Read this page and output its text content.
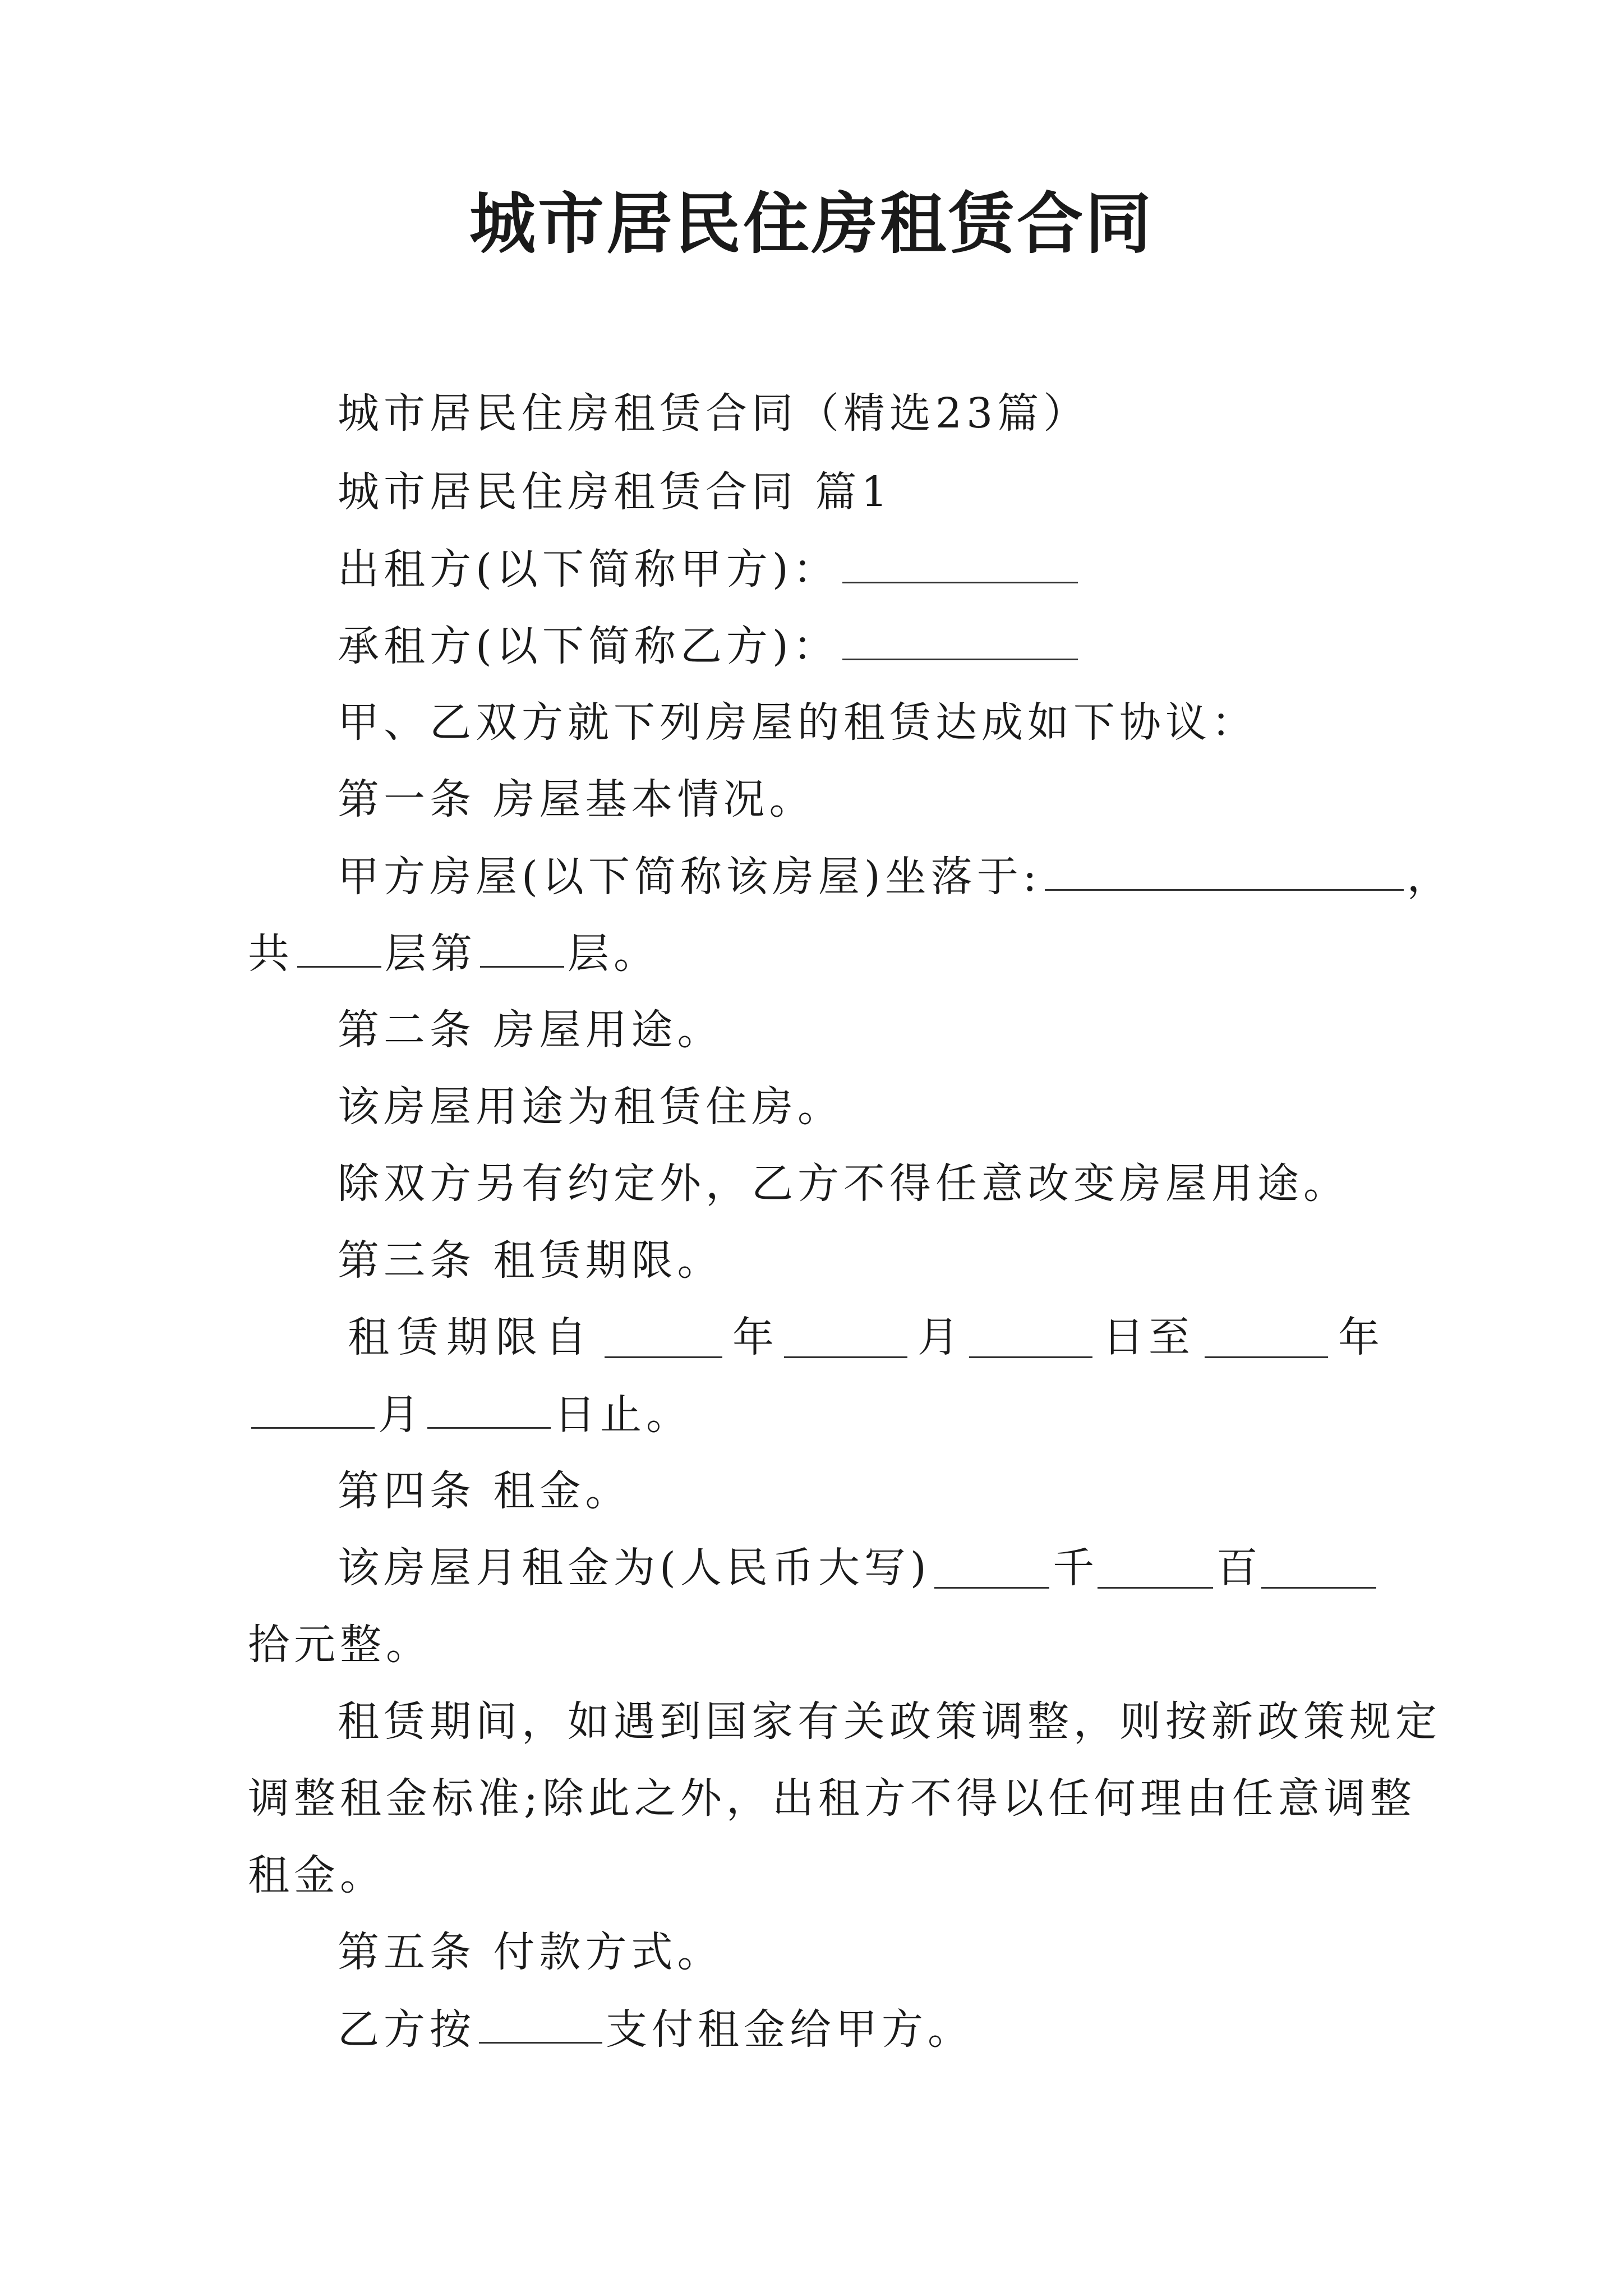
城市居民住房租赁合同
城市居民住房租赁合同（精选23篇）
城市居民住房租赁合同 篇1
出租方(以下简称甲方)：
承租方(以下简称乙方)：
甲、乙双方就下列房屋的租赁达成如下协议：
第一条 房屋基本情况。
甲方房屋(以下简称该房屋)坐落于:	，
共 层第 层。
第二条 房屋用途。
该房屋用途为租赁住房。
除双方另有约定外，乙方不得任意改变房屋用途。
第三条 租赁期限。
租赁期限自	年	月	日至	年
月	日止。
第四条 租金。
该房屋月租金为(人民币大写)	千	百
拾元整。
租赁期间，如遇到国家有关政策调整，则按新政策规定
调整租金标准;除此之外，出租方不得以任何理由任意调整
租金。
第五条 付款方式。
乙方按	支付租金给甲方。
